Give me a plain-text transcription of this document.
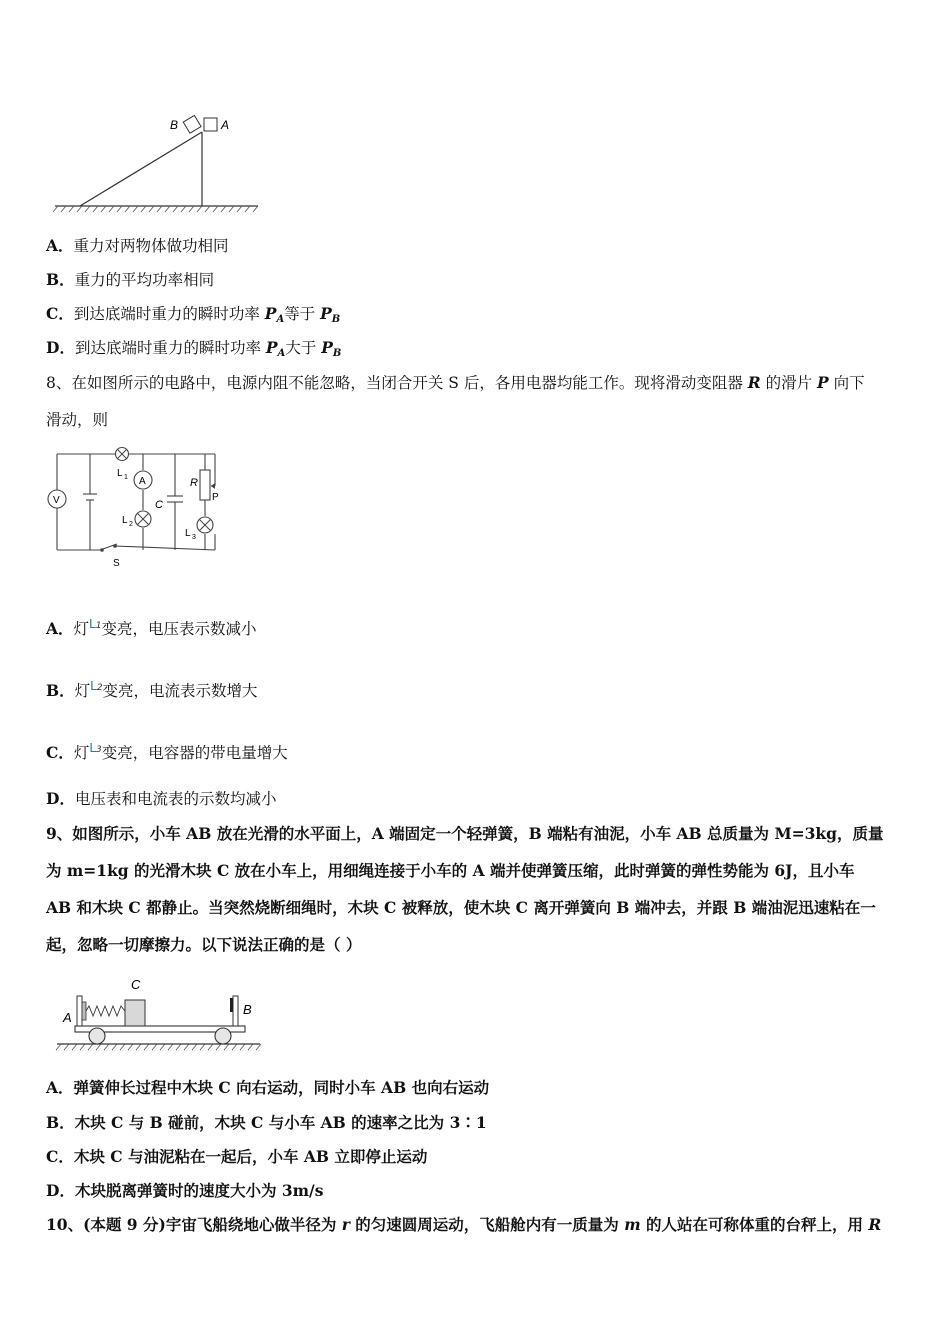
B	A
A．重力对两物体做功相同
B．重力的平均功率相同
C．到达底端时重力的瞬时功率 $P_A$等于 $P_B$
D．到达底端时重力的瞬时功率 $P_A$大于 $P_B$
8、在如图所示的电路中，电源内阻不能忽略，当闭合开关 S 后，各用电器均能工作。现将滑动变阻器 R 的滑片 P 向下
滑动，则
V
L 1 A
L 2
C
R
P
L 3
S
A．灯L1变亮，电压表示数减小
B．灯L2变亮，电流表示数增大
C．灯L3变亮，电容器的带电量增大
D．电压表和电流表的示数均减小
9、如图所示，小车 AB 放在光滑的水平面上，A 端固定一个轻弹簧，B 端粘有油泥，小车 AB 总质量为 M=3kg，质量
为 m=1kg 的光滑木块 C 放在小车上，用细绳连接于小车的 A 端并使弹簧压缩，此时弹簧的弹性势能为 6J，且小车
AB 和木块 C 都静止。当突然烧断细绳时，木块 C 被释放，使木块 C 离开弹簧向 B 端冲去，并跟 B 端油泥迅速粘在一
起，忽略一切摩擦力。以下说法正确的是（ ）
A
C
B
A．弹簧伸长过程中木块 C 向右运动，同时小车 AB 也向右运动
B．木块 C 与 B 碰前，木块 C 与小车 AB 的速率之比为 3∶1
C．木块 C 与油泥粘在一起后，小车 AB 立即停止运动
D．木块脱离弹簧时的速度大小为 3m/s
10、(本题 9 分)宇宙飞船绕地心做半径为 r 的匀速圆周运动，飞船舱内有一质量为 m 的人站在可称体重的台秤上，用 R
